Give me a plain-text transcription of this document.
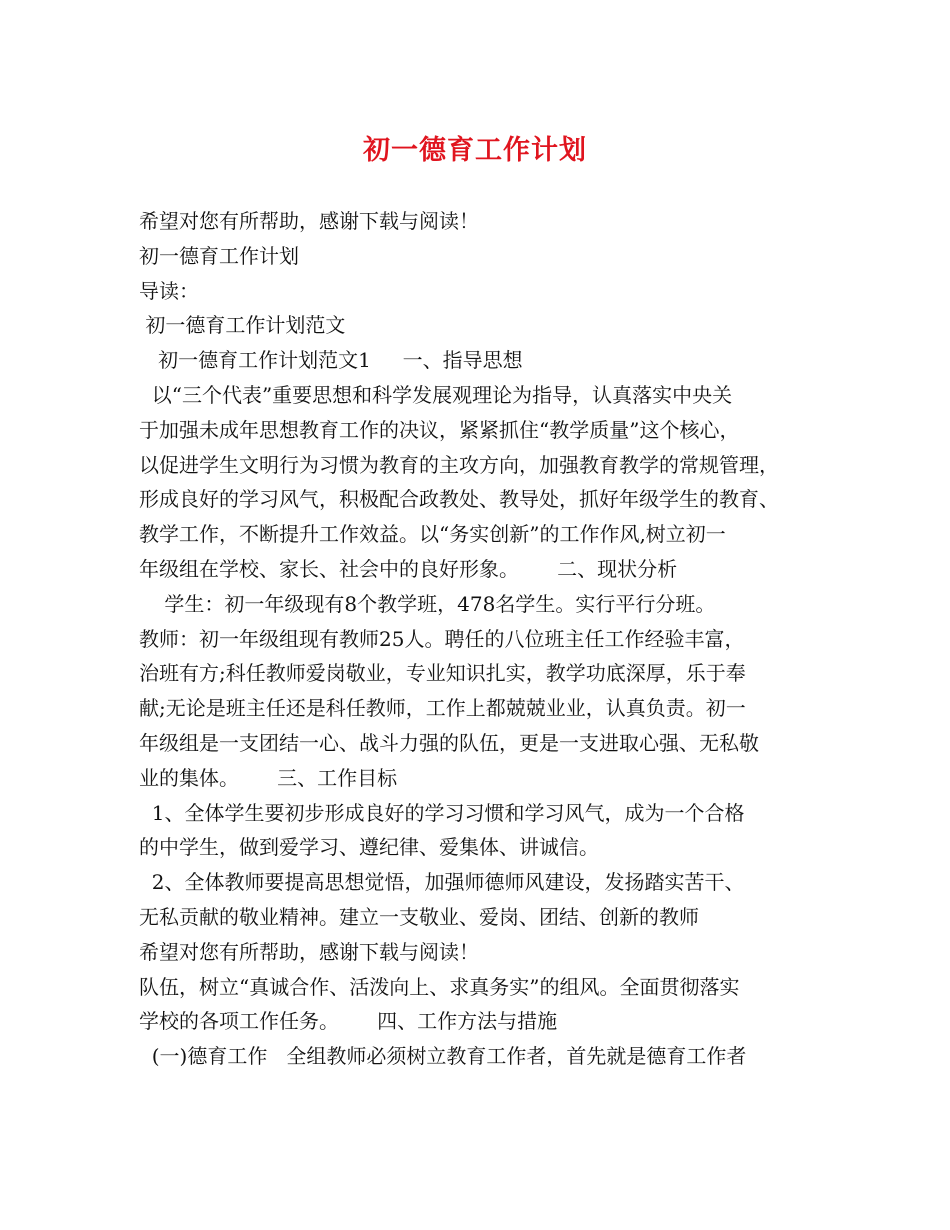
初一德育工作计划
希望对您有所帮助，感谢下载与阅读！
初一德育工作计划
导读：
初一德育工作计划范文
初一德育工作计划范文1     一、指导思想
以“三个代表”重要思想和科学发展观理论为指导，认真落实中央关
于加强未成年思想教育工作的决议，紧紧抓住“教学质量”这个核心，
以促进学生文明行为习惯为教育的主攻方向，加强教育教学的常规管理，
形成良好的学习风气，积极配合政教处、教导处，抓好年级学生的教育、
教学工作，不断提升工作效益。以“务实创新”的工作作风,树立初一
年级组在学校、家长、社会中的良好形象。      二、现状分析
学生：初一年级现有8个教学班，478名学生。实行平行分班。
教师：初一年级组现有教师25人。聘任的八位班主任工作经验丰富，
治班有方;科任教师爱岗敬业，专业知识扎实，教学功底深厚，乐于奉
献;无论是班主任还是科任教师，工作上都兢兢业业，认真负责。初一
年级组是一支团结一心、战斗力强的队伍，更是一支进取心强、无私敬
业的集体。      三、工作目标
1、全体学生要初步形成良好的学习习惯和学习风气，成为一个合格
的中学生，做到爱学习、遵纪律、爱集体、讲诚信。
2、全体教师要提高思想觉悟，加强师德师风建设，发扬踏实苦干、
无私贡献的敬业精神。建立一支敬业、爱岗、团结、创新的教师
希望对您有所帮助，感谢下载与阅读！
队伍，树立“真诚合作、活泼向上、求真务实”的组风。全面贯彻落实
学校的各项工作任务。      四、工作方法与措施
(一)德育工作   全组教师必须树立教育工作者，首先就是德育工作者
